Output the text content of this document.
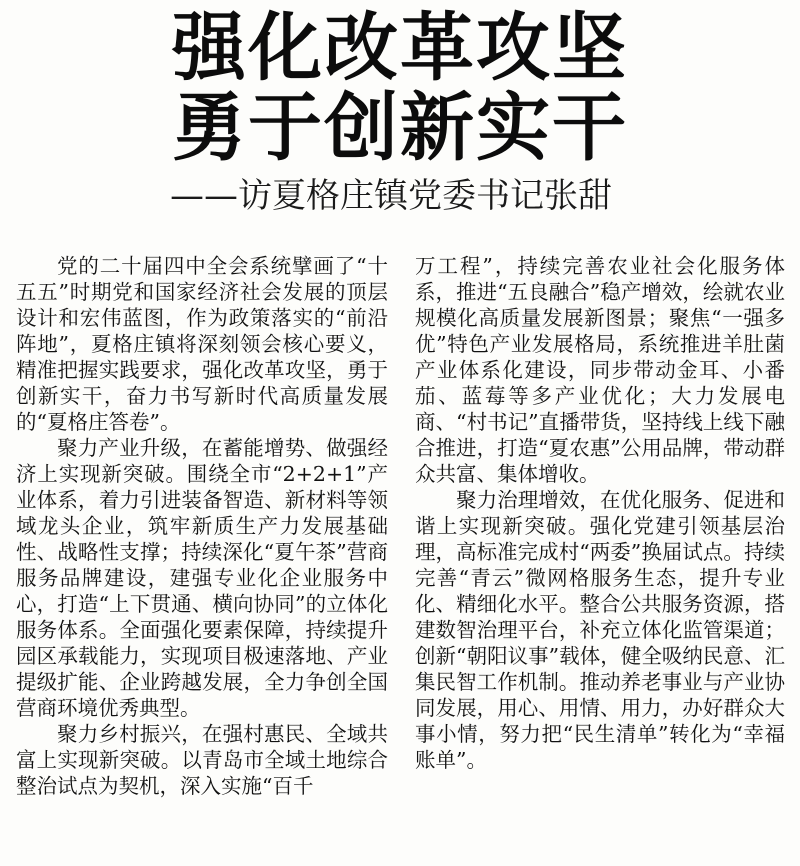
强化改革攻坚
勇于创新实干
——访夏格庄镇党委书记张甜

党的二十届四中全会系统擘画了“十五五”时期党和国家经济社会发展的顶层设计和宏伟蓝图，作为政策落实的“前沿阵地”，夏格庄镇将深刻领会核心要义，精准把握实践要求，强化改革攻坚，勇于创新实干，奋力书写新时代高质量发展的“夏格庄答卷”。

聚力产业升级，在蓄能增势、做强经济上实现新突破。围绕全市“2+2+1”产业体系，着力引进装备智造、新材料等领域龙头企业，筑牢新质生产力发展基础性、战略性支撑；持续深化“夏午茶”营商服务品牌建设，建强专业化企业服务中心，打造“上下贯通、横向协同”的立体化服务体系。全面强化要素保障，持续提升园区承载能力，实现项目极速落地、产业提级扩能、企业跨越发展，全力争创全国营商环境优秀典型。

聚力乡村振兴，在强村惠民、全域共富上实现新突破。以青岛市全域土地综合整治试点为契机，深入实施“百千

万工程”，持续完善农业社会化服务体系，推进“五良融合”稳产增效，绘就农业规模化高质量发展新图景；聚焦“一强多优”特色产业发展格局，系统推进羊肚菌产业体系化建设，同步带动金耳、小番茄、蓝莓等多产业优化；大力发展电商、“村书记”直播带货，坚持线上线下融合推进，打造“夏农惠”公用品牌，带动群众共富、集体增收。

聚力治理增效，在优化服务、促进和谐上实现新突破。强化党建引领基层治理，高标准完成村“两委”换届试点。持续完善“青云”微网格服务生态，提升专业化、精细化水平。整合公共服务资源，搭建数智治理平台，补充立体化监管渠道；创新“朝阳议事”载体，健全吸纳民意、汇集民智工作机制。推动养老事业与产业协同发展，用心、用情、用力，办好群众大事小情，努力把“民生清单”转化为“幸福账单”。
